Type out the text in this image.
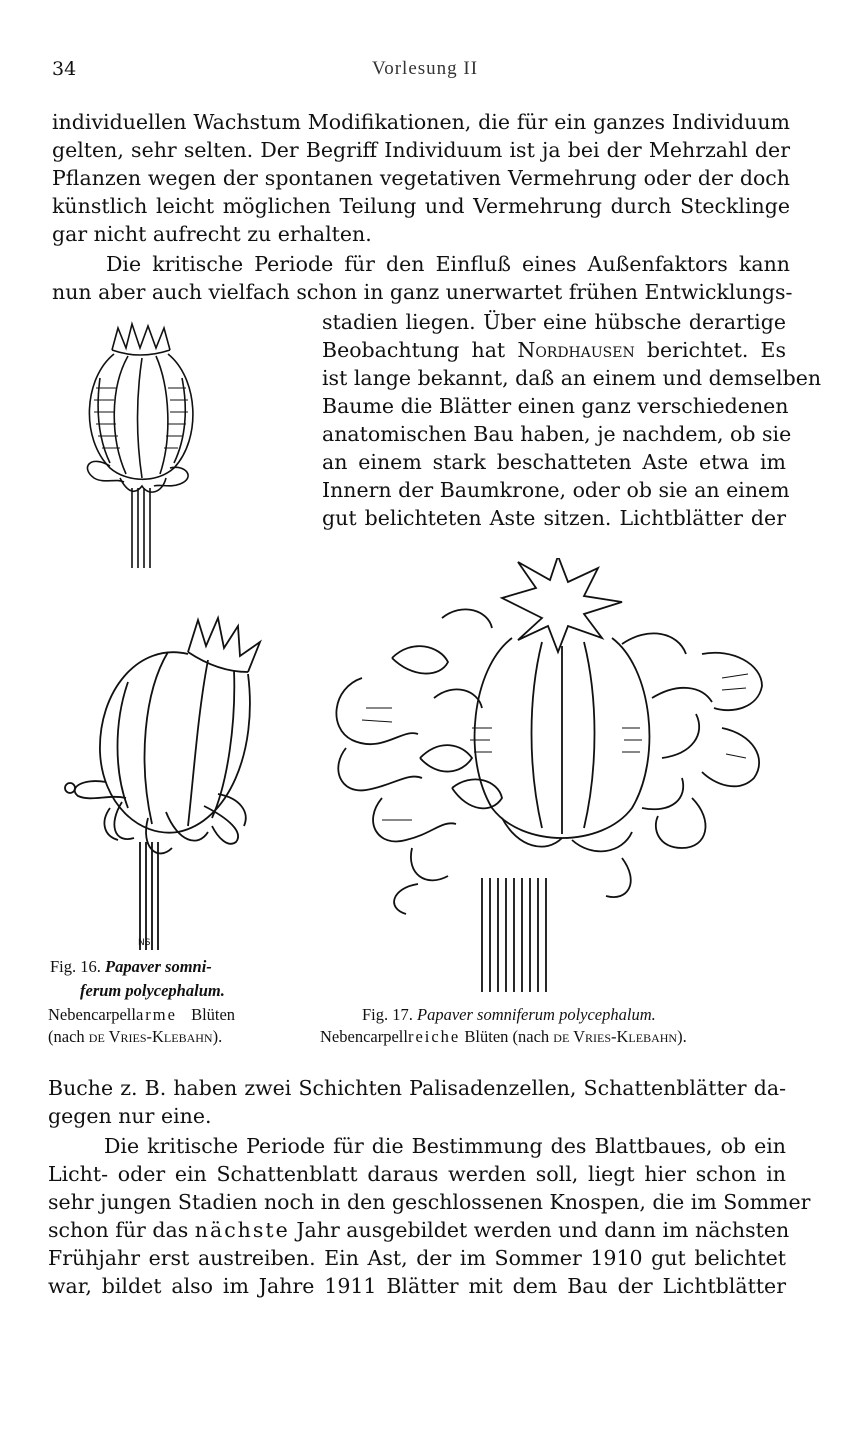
34	Vorlesung II
individuellen Wachstum Modifikationen, die für ein ganzes Individuum
gelten, sehr selten. Der Begriff Individuum ist ja bei der Mehrzahl der
Pflanzen wegen der spontanen vegetativen Vermehrung oder der doch
künstlich leicht möglichen Teilung und Vermehrung durch Stecklinge
gar nicht aufrecht zu erhalten.
Die kritische Periode für den Einfluß eines Außenfaktors kann
nun aber auch vielfach schon in ganz unerwartet frühen Entwicklungs-
stadien liegen. Über eine hübsche derartige
Beobachtung hat Nordhausen berichtet. Es
ist lange bekannt, daß an einem und demselben
Baume die Blätter einen ganz verschiedenen
anatomischen Bau haben, je nachdem, ob sie
an einem stark beschatteten Aste etwa im
Innern der Baumkrone, oder ob sie an einem
gut belichteten Aste sitzen. Lichtblätter der
NS
Fig. 16. Papaver somni-
ferum polycephalum.
Nebencarpellarme Blüten
(nach de Vries-Klebahn).
Fig. 17. Papaver somniferum polycephalum.
Nebencarpellreiche Blüten (nach de Vries-Klebahn).
Buche z. B. haben zwei Schichten Palisadenzellen, Schattenblätter da-
gegen nur eine.
Die kritische Periode für die Bestimmung des Blattbaues, ob ein
Licht- oder ein Schattenblatt daraus werden soll, liegt hier schon in
sehr jungen Stadien noch in den geschlossenen Knospen, die im Sommer
schon für das nächste Jahr ausgebildet werden und dann im nächsten
Frühjahr erst austreiben. Ein Ast, der im Sommer 1910 gut belichtet
war, bildet also im Jahre 1911 Blätter mit dem Bau der Lichtblätter
